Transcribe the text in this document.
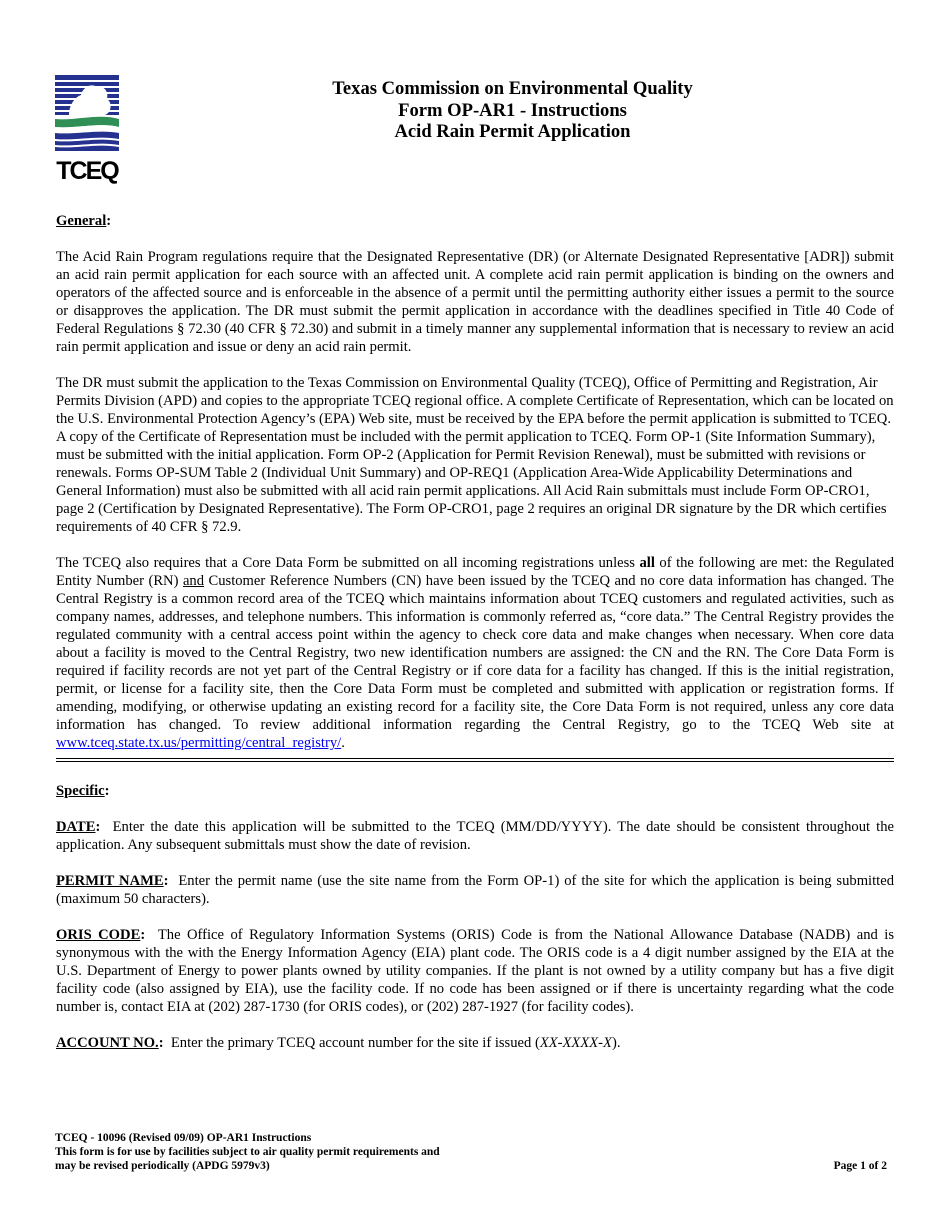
TCEQ
Texas Commission on Environmental Quality
Form OP-AR1 - Instructions
Acid Rain Permit Application

General:

The Acid Rain Program regulations require that the Designated Representative (DR) (or Alternate Designated Representative [ADR]) submit an acid rain permit application for each source with an affected unit. A complete acid rain permit application is binding on the owners and operators of the affected source and is enforceable in the absence of a permit until the permitting authority either issues a permit to the source or disapproves the application. The DR must submit the permit application in accordance with the deadlines specified in Title 40 Code of Federal Regulations § 72.30 (40 CFR § 72.30) and submit in a timely manner any supplemental information that is necessary to review an acid rain permit application and issue or deny an acid rain permit.

The DR must submit the application to the Texas Commission on Environmental Quality (TCEQ), Office of Permitting and Registration, Air Permits Division (APD) and copies to the appropriate TCEQ regional office. A complete Certificate of Representation, which can be located on the U.S. Environmental Protection Agency’s (EPA) Web site, must be received by the EPA before the permit application is submitted to TCEQ. A copy of the Certificate of Representation must be included with the permit application to TCEQ. Form OP-1 (Site Information Summary), must be submitted with the initial application. Form OP-2 (Application for Permit Revision Renewal), must be submitted with revisions or renewals. Forms OP-SUM Table 2 (Individual Unit Summary) and OP-REQ1 (Application Area-Wide Applicability Determinations and General Information) must also be submitted with all acid rain permit applications. All Acid Rain submittals must include Form OP-CRO1, page 2 (Certification by Designated Representative). The Form OP-CRO1, page 2 requires an original DR signature by the DR which certifies requirements of 40 CFR § 72.9.

The TCEQ also requires that a Core Data Form be submitted on all incoming registrations unless all of the following are met: the Regulated Entity Number (RN) and Customer Reference Numbers (CN) have been issued by the TCEQ and no core data information has changed. The Central Registry is a common record area of the TCEQ which maintains information about TCEQ customers and regulated activities, such as company names, addresses, and telephone numbers. This information is commonly referred as, “core data.” The Central Registry provides the regulated community with a central access point within the agency to check core data and make changes when necessary. When core data about a facility is moved to the Central Registry, two new identification numbers are assigned: the CN and the RN. The Core Data Form is required if facility records are not yet part of the Central Registry or if core data for a facility has changed. If this is the initial registration, permit, or license for a facility site, then the Core Data Form must be completed and submitted with application or registration forms. If amending, modifying, or otherwise updating an existing record for a facility site, the Core Data Form is not required, unless any core data information has changed. To review additional information regarding the Central Registry, go to the TCEQ Web site at www.tceq.state.tx.us/permitting/central_registry/.

Specific:

DATE: Enter the date this application will be submitted to the TCEQ (MM/DD/YYYY). The date should be consistent throughout the application. Any subsequent submittals must show the date of revision.

PERMIT NAME: Enter the permit name (use the site name from the Form OP-1) of the site for which the application is being submitted (maximum 50 characters).

ORIS CODE: The Office of Regulatory Information Systems (ORIS) Code is from the National Allowance Database (NADB) and is synonymous with the with the Energy Information Agency (EIA) plant code. The ORIS code is a 4 digit number assigned by the EIA at the U.S. Department of Energy to power plants owned by utility companies. If the plant is not owned by a utility company but has a five digit facility code (also assigned by EIA), use the facility code. If no code has been assigned or if there is uncertainty regarding what the code number is, contact EIA at (202) 287-1730 (for ORIS codes), or (202) 287-1927 (for facility codes).

ACCOUNT NO.: Enter the primary TCEQ account number for the site if issued (XX-XXXX-X).

TCEQ - 10096 (Revised 09/09) OP-AR1 Instructions
This form is for use by facilities subject to air quality permit requirements and
may be revised periodically (APDG 5979v3)	Page 1 of 2
